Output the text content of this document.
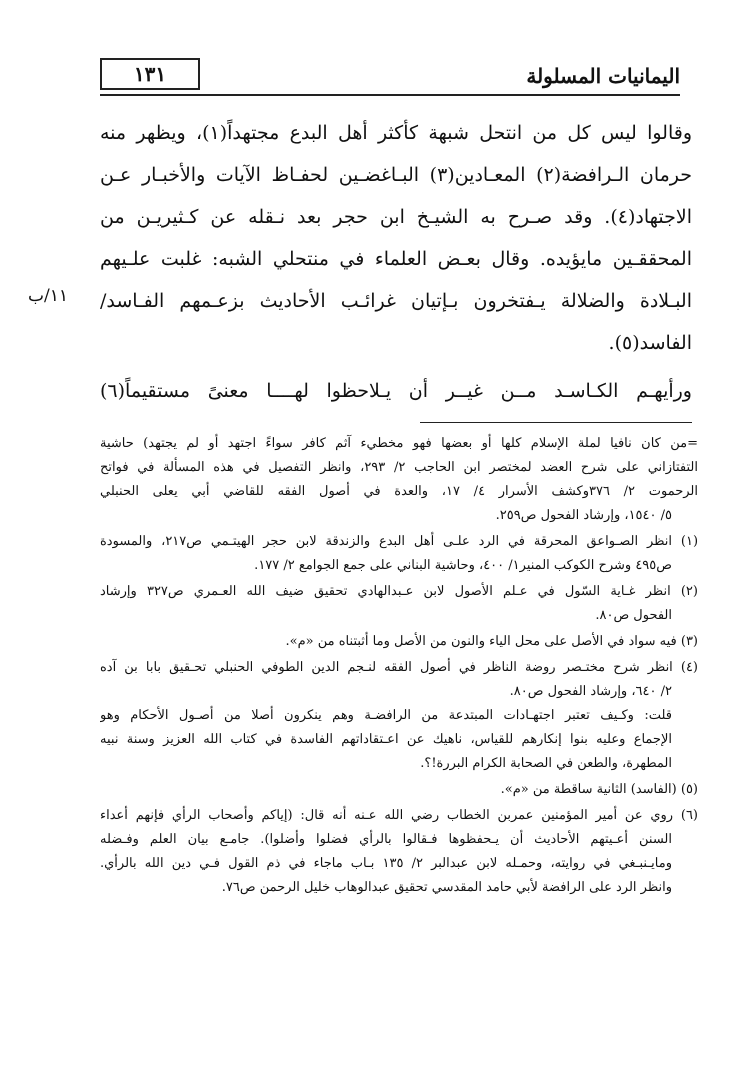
١٣١	اليمانيات المسلولة
١١/ب
وقالوا ليس كل من انتحل شبهة كأكثر أهل البدع مجتهداً(١)، ويظهر منه
حرمان الـرافضة(٢) المعـادين(٣) البـاغضـين لحفـاظ الآيات والأخبـار عـن
الاجتهاد(٤). وقد صـرح به الشيـخ ابن حجر بعد نـقله عن كـثيريـن من
المحققـين مايؤيده. وقال بعـض العلماء في منتحلي الشبه: غلبت علـيهم
البـلادة والضلالة يـفتخرون بـإتيان غرائـب الأحاديث بزعـمهم الفـاسد/
الفاسد(٥).
ورأيهـم الكـاسـد مــن غيــر أن يـلاحظوا لهــــا معنىً مستقيماً(٦)
=من كان نافيا لملة الإسلام كلها أو بعضها فهو مخطيء آثم كافر سواءً اجتهد أو لم يجتهد) حاشية
التفتازاني على شرح العضد لمختصر ابن الحاجب ٢/ ٢٩٣، وانظر التفصيل في هذه المسألة في فواتح
الرحموت ٢/ ٣٧٦وكشف الأسرار ٤/ ١٧، والعدة في أصول الفقه للقاضي أبي يعلى الحنبلي
٥/ ١٥٤٠، وإرشاد الفحول ص٢٥٩.
(١) انظر الصـواعق المحرقة في الرد علـى أهل البدع والزندقة لابن حجر الهيتـمي ص٢١٧، والمسودة
ص٤٩٥ وشرح الكوكب المنير١/ ٤٠٠، وحاشية البناني على جمع الجوامع ٢/ ١٧٧.
(٢) انظر غـاية السّول في عـلم الأصول لابن عـبدالهادي تحقيق ضيف الله العـمري ص٣٢٧ وإرشاد
الفحول ص٨٠.
(٣) فيه سواد في الأصل على محل الياء والنون من الأصل وما أثبتناه من «م».
(٤) انظر شرح مختـصر روضة الناظر في أصول الفقه لنـجم الدين الطوفي الحنبلي تحـقيق بابا بن آده
٢/ ٦٤٠، وإرشاد الفحول ص٨٠.
قلت: وكـيف تعتبر اجتهـادات المبتدعة من الرافضـة وهم ينكرون أصلا من أصـول الأحكام وهو
الإجماع وعليه بنوا إنكارهم للقياس، ناهيك عن اعـتقاداتهم الفاسدة في كتاب الله العزيز وسنة نبيه
المطهرة، والطعن في الصحابة الكرام البررة!؟.
(٥) (الفاسد) الثانية ساقطة من «م».
(٦) روي عن أمير المؤمنين عمربن الخطاب رضي الله عـنه أنه قال: (إياكم وأصحاب الرأي فإنهم أعداء
السنن أعـيتهم الأحاديث أن يـحفظوها فـقالوا بالرأي فضلوا وأضلوا). جامـع بيان العلم وفـضله
ومايـنبـغي في روايته، وحمـله لابن عبدالبر ٢/ ١٣٥ بـاب ماجاء في ذم القول فـي دين الله بالرأي.
وانظر الرد على الرافضة لأبي حامد المقدسي تحقيق عبدالوهاب خليل الرحمن ص٧٦.
